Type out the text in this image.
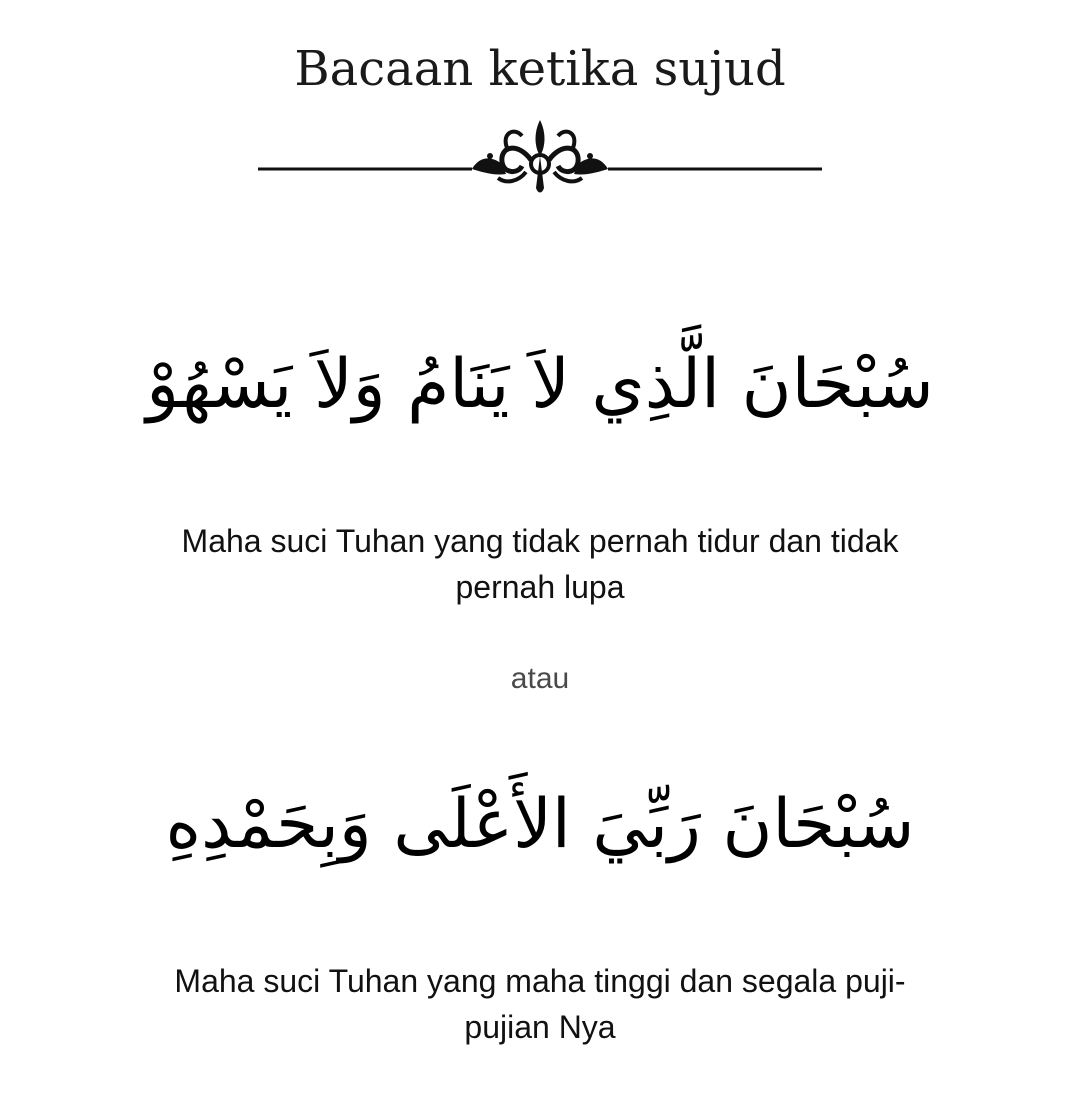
Bacaan ketika sujud
سُبْحَانَ الَّذِي لاَ يَنَامُ وَلاَ يَسْهُوْ
Maha suci Tuhan yang tidak pernah tidur dan tidak pernah lupa
atau
سُبْحَانَ رَبِّيَ الأَعْلَى وَبِحَمْدِهِ
Maha suci Tuhan yang maha tinggi dan segala puji-pujian Nya
